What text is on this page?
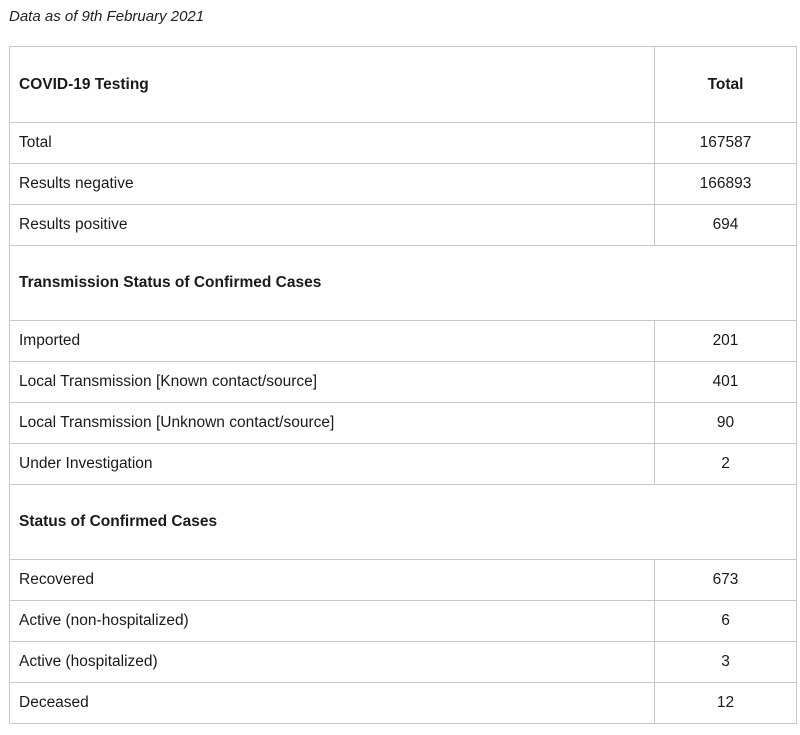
Data as of 9th February 2021
COVID-19 Testing	Total
Total	167587
Results negative	166893
Results positive	694
Transmission Status of Confirmed Cases	
Imported	201
Local Transmission [Known contact/source]	401
Local Transmission [Unknown contact/source]	90
Under Investigation	2
Status of Confirmed Cases	
Recovered	673
Active (non-hospitalized)	6
Active (hospitalized)	3
Deceased	12
